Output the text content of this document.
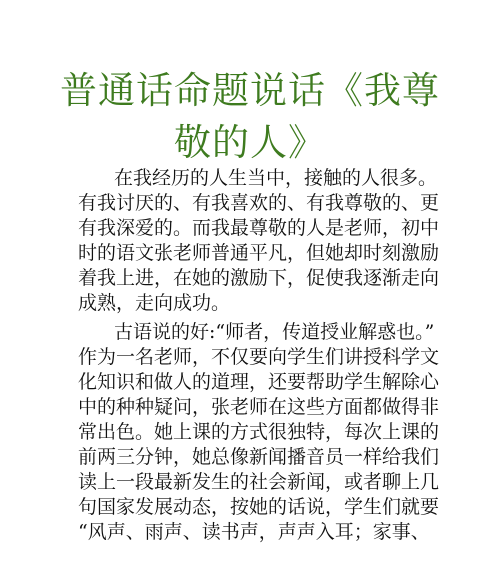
普通话命题说话《我尊
敬的人》
在我经历的人生当中，接触的人很多。
有我讨厌的、有我喜欢的、有我尊敬的、更
有我深爱的。而我最尊敬的人是老师，初中
时的语文张老师普通平凡，但她却时刻激励
着我上进，在她的激励下，促使我逐渐走向
成熟，走向成功。
古语说的好:“师者，传道授业解惑也。”
作为一名老师，不仅要向学生们讲授科学文
化知识和做人的道理，还要帮助学生解除心
中的种种疑问，张老师在这些方面都做得非
常出色。她上课的方式很独特，每次上课的
前两三分钟，她总像新闻播音员一样给我们
读上一段最新发生的社会新闻，或者聊上几
句国家发展动态，按她的话说，学生们就要
“风声、雨声、读书声，声声入耳；家事、
